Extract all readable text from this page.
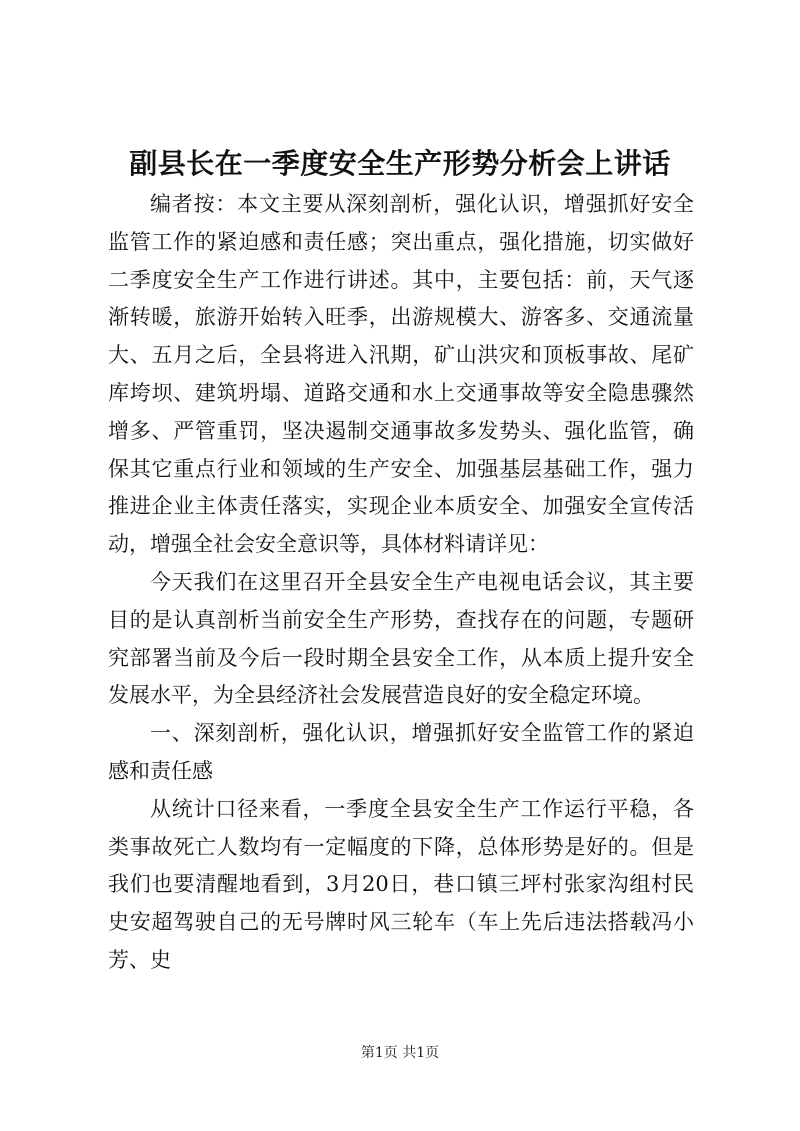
副县长在一季度安全生产形势分析会上讲话

编者按：本文主要从深刻剖析，强化认识，增强抓好安全监管工作的紧迫感和责任感；突出重点，强化措施，切实做好二季度安全生产工作进行讲述。其中，主要包括：前，天气逐渐转暖，旅游开始转入旺季，出游规模大、游客多、交通流量大、五月之后，全县将进入汛期，矿山洪灾和顶板事故、尾矿库垮坝、建筑坍塌、道路交通和水上交通事故等安全隐患骤然增多、严管重罚，坚决遏制交通事故多发势头、强化监管，确保其它重点行业和领域的生产安全、加强基层基础工作，强力推进企业主体责任落实，实现企业本质安全、加强安全宣传活动，增强全社会安全意识等，具体材料请详见：

今天我们在这里召开全县安全生产电视电话会议，其主要目的是认真剖析当前安全生产形势，查找存在的问题，专题研究部署当前及今后一段时期全县安全工作，从本质上提升安全发展水平，为全县经济社会发展营造良好的安全稳定环境。

一、深刻剖析，强化认识，增强抓好安全监管工作的紧迫感和责任感

从统计口径来看，一季度全县安全生产工作运行平稳，各类事故死亡人数均有一定幅度的下降，总体形势是好的。但是我们也要清醒地看到，3月20日，巷口镇三坪村张家沟组村民史安超驾驶自己的无号牌时风三轮车（车上先后违法搭载冯小芳、史

第1页 共1页
